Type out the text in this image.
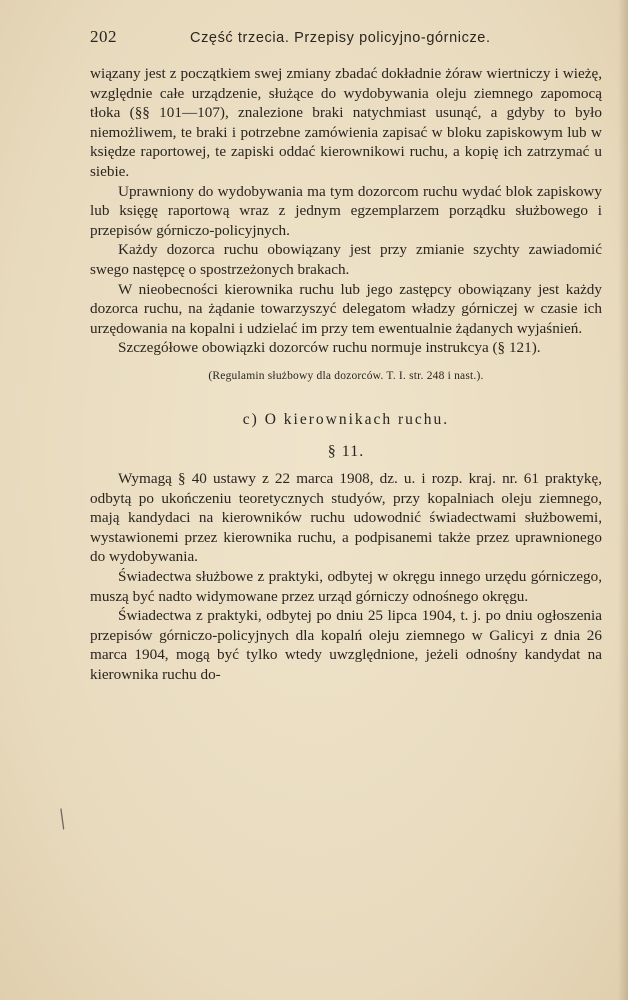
202	Część trzecia. Przepisy policyjno-górnicze.

wiązany jest z początkiem swej zmiany zbadać dokładnie żóraw wiertniczy i wieżę, względnie całe urządzenie, służące do wydobywania oleju ziemnego zapomocą tłoka (§§ 101—107), znalezione braki natychmiast usunąć, a gdyby to było niemożliwem, te braki i potrzebne zamówienia zapisać w bloku zapiskowym lub w księdze raportowej, te zapiski oddać kierownikowi ruchu, a kopię ich zatrzymać u siebie.

Uprawniony do wydobywania ma tym dozorcom ruchu wydać blok zapiskowy lub księgę raportową wraz z jednym egzemplarzem porządku służbowego i przepisów górniczo-policyjnych.

Każdy dozorca ruchu obowiązany jest przy zmianie szychty zawiadomić swego następcę o spostrzeżonych brakach.

W nieobecności kierownika ruchu lub jego zastępcy obowiązany jest każdy dozorca ruchu, na żądanie towarzyszyć delegatom władzy górniczej w czasie ich urzędowania na kopalni i udzielać im przy tem ewentualnie żądanych wyjaśnień.

Szczegółowe obowiązki dozorców ruchu normuje instrukcya (§ 121).

(Regulamin służbowy dla dozorców. T. I. str. 248 i nast.).

c) O kierownikach ruchu.

§ 11.

Wymagą § 40 ustawy z 22 marca 1908, dz. u. i rozp. kraj. nr. 61 praktykę, odbytą po ukończeniu teoretycznych studyów, przy kopalniach oleju ziemnego, mają kandydaci na kierowników ruchu udowodnić świadectwami służbowemi, wystawionemi przez kierownika ruchu, a podpisanemi także przez uprawnionego do wydobywania.

Świadectwa służbowe z praktyki, odbytej w okręgu innego urzędu górniczego, muszą być nadto widymowane przez urząd górniczy odnośnego okręgu.

Świadectwa z praktyki, odbytej po dniu 25 lipca 1904, t. j. po dniu ogłoszenia przepisów górniczo-policyjnych dla kopalń oleju ziemnego w Galicyi z dnia 26 marca 1904, mogą być tylko wtedy uwzględnione, jeżeli odnośny kandydat na kierownika ruchu do-

╱
